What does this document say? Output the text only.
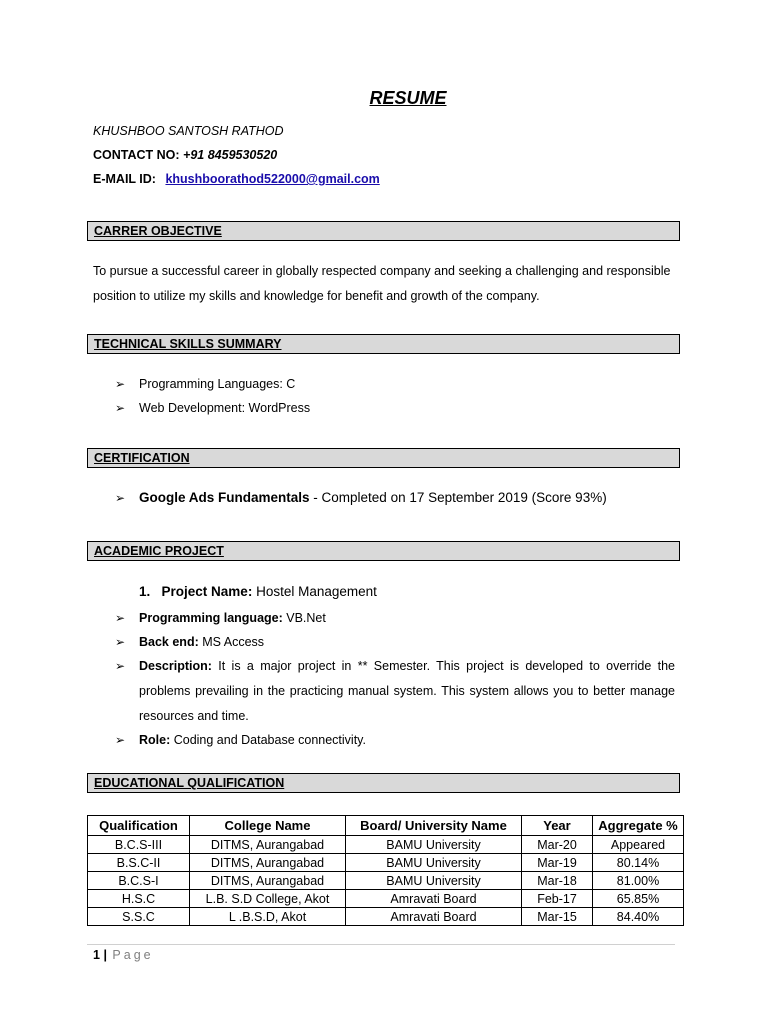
RESUME
KHUSHBOO SANTOSH RATHOD
CONTACT NO: +91 8459530520
E-MAIL ID: khushboorathod522000@gmail.com
CARRER OBJECTIVE
To pursue a successful career in globally respected company and seeking a challenging and responsible position to utilize my skills and knowledge for benefit and growth of the company.
TECHNICAL SKILLS SUMMARY
➢ Programming Languages: C
➢ Web Development: WordPress
CERTIFICATION
➢ Google Ads Fundamentals - Completed on 17 September 2019 (Score 93%)
ACADEMIC PROJECT
1. Project Name: Hostel Management
➢ Programming language: VB.Net
➢ Back end: MS Access
➢	Description: It is a major project in ** Semester. This project is developed to override the problems prevailing in the practicing manual system. This system allows you to better manage resources and time.
➢ Role: Coding and Database connectivity.
EDUCATIONAL QUALIFICATION
Qualification	College Name	Board/ University Name	Year	Aggregate %
B.C.S-III	DITMS, Aurangabad	BAMU University	Mar-20	Appeared
B.S.C-II	DITMS, Aurangabad	BAMU University	Mar-19	80.14%
B.C.S-I	DITMS, Aurangabad	BAMU University	Mar-18	81.00%
H.S.C	L.B. S.D College, Akot	Amravati Board	Feb-17	65.85%
S.S.C	L .B.S.D, Akot	Amravati Board	Mar-15	84.40%
1 | Page
